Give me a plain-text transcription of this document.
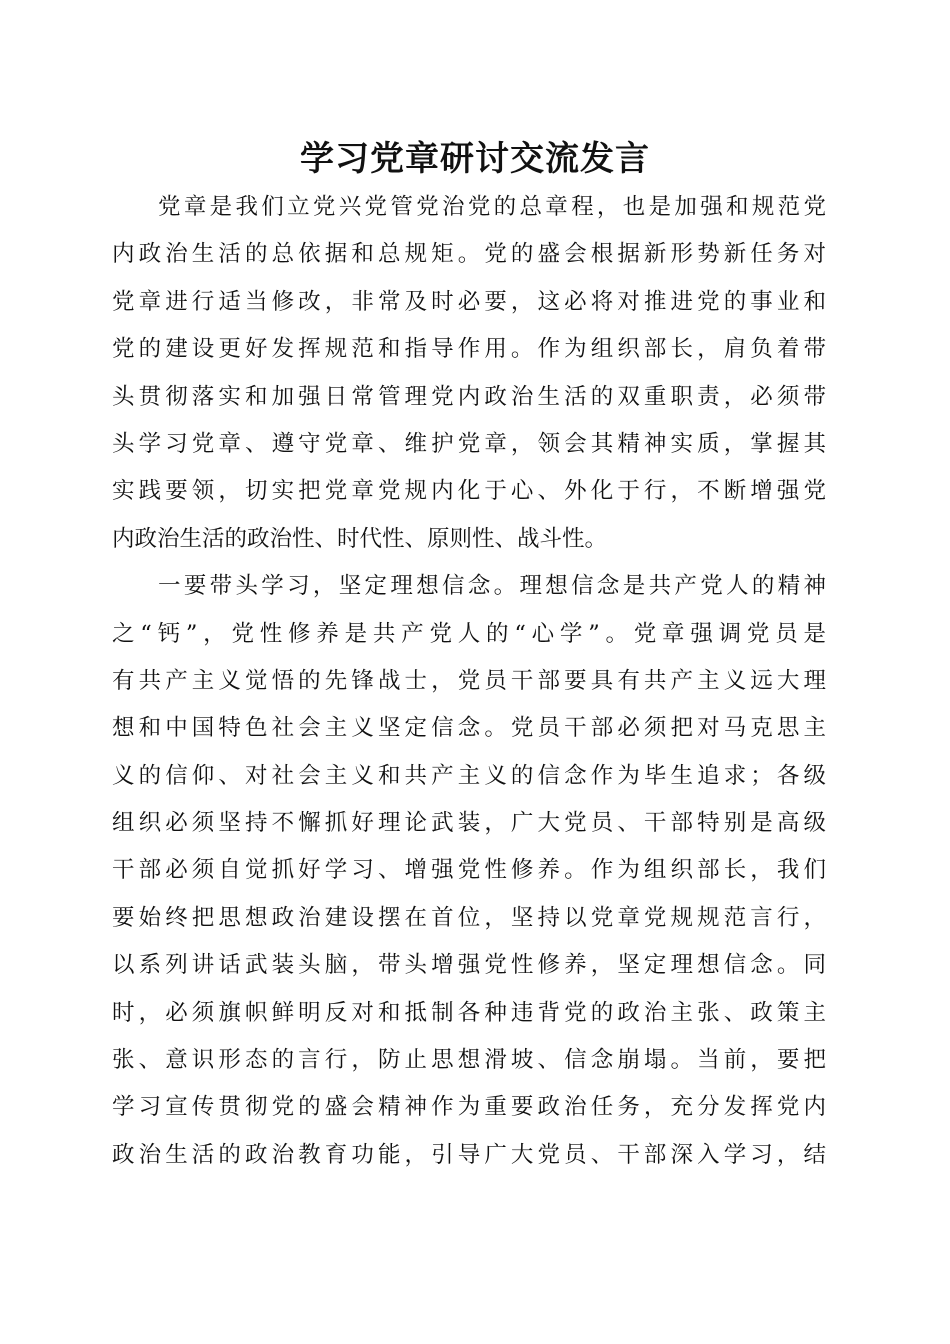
学习党章研讨交流发言
党章是我们立党兴党管党治党的总章程，也是加强和规范党
内政治生活的总依据和总规矩。党的盛会根据新形势新任务对
党章进行适当修改，非常及时必要，这必将对推进党的事业和
党的建设更好发挥规范和指导作用。作为组织部长，肩负着带
头贯彻落实和加强日常管理党内政治生活的双重职责，必须带
头学习党章、遵守党章、维护党章，领会其精神实质，掌握其
实践要领，切实把党章党规内化于心、外化于行，不断增强党
内政治生活的政治性、时代性、原则性、战斗性。
一要带头学习，坚定理想信念。理想信念是共产党人的精神
之“钙”，党性修养是共产党人的“心学”。党章强调党员是
有共产主义觉悟的先锋战士，党员干部要具有共产主义远大理
想和中国特色社会主义坚定信念。党员干部必须把对马克思主
义的信仰、对社会主义和共产主义的信念作为毕生追求；各级
组织必须坚持不懈抓好理论武装，广大党员、干部特别是高级
干部必须自觉抓好学习、增强党性修养。作为组织部长，我们
要始终把思想政治建设摆在首位，坚持以党章党规规范言行，
以系列讲话武装头脑，带头增强党性修养，坚定理想信念。同
时，必须旗帜鲜明反对和抵制各种违背党的政治主张、政策主
张、意识形态的言行，防止思想滑坡、信念崩塌。当前，要把
学习宣传贯彻党的盛会精神作为重要政治任务，充分发挥党内
政治生活的政治教育功能，引导广大党员、干部深入学习，结
